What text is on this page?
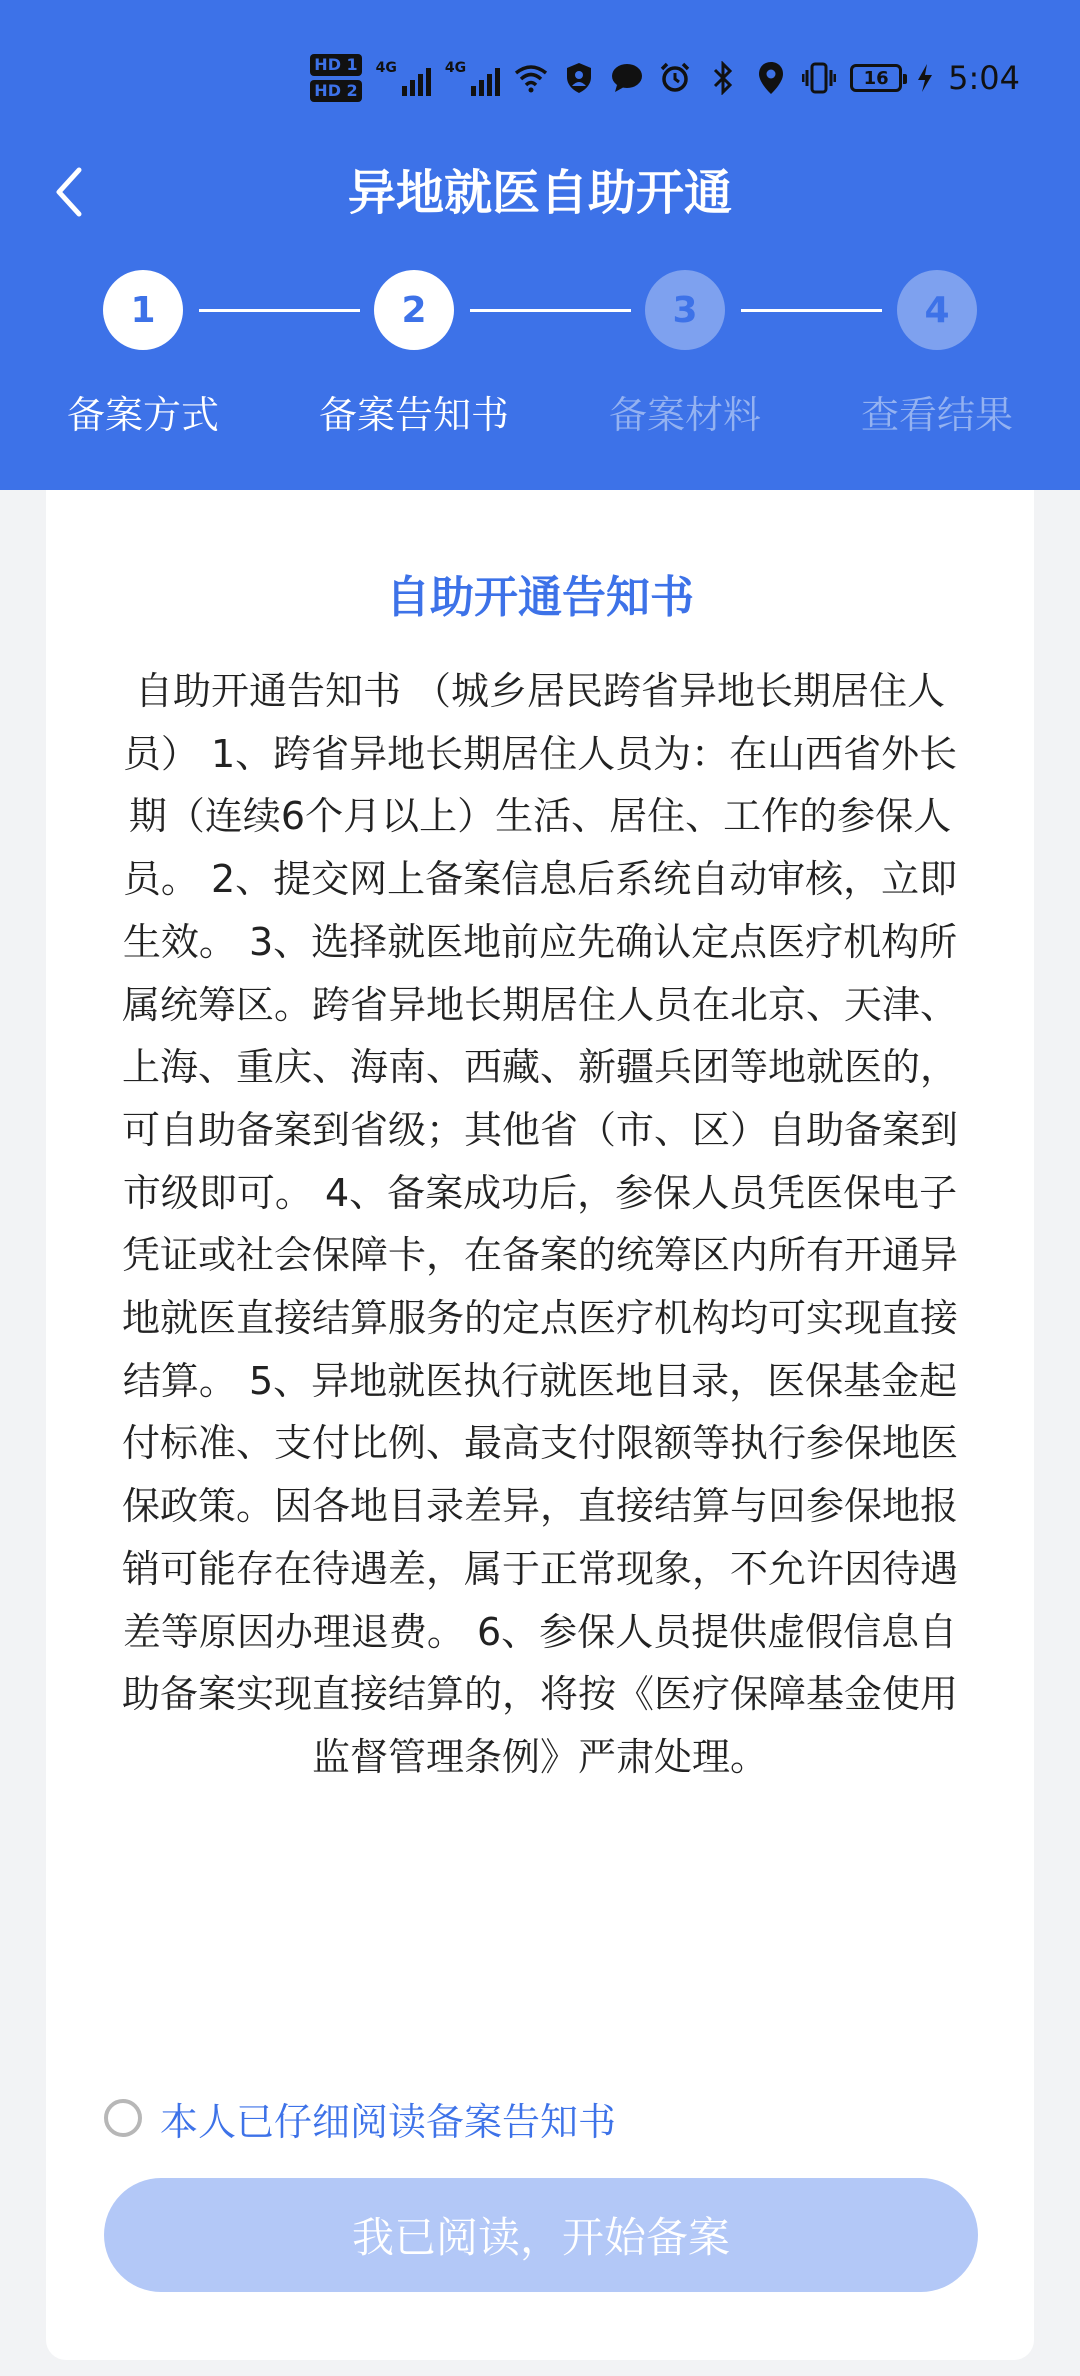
HD 1
HD 2
4G	4G	16 5:04
异地就医自助开通
1	2	3	4
备案方式	备案告知书	备案材料	查看结果
自助开通告知书
自助开通告知书 （城乡居民跨省异地长期居住人员） 1、跨省异地长期居住人员为：在山西省外长期（连续6个月以上）生活、居住、工作的参保人员。 2、提交网上备案信息后系统自动审核，立即生效。 3、选择就医地前应先确认定点医疗机构所属统筹区。跨省异地长期居住人员在北京、天津、上海、重庆、海南、西藏、新疆兵团等地就医的，可自助备案到省级；其他省（市、区）自助备案到市级即可。 4、备案成功后，参保人员凭医保电子凭证或社会保障卡，在备案的统筹区内所有开通异地就医直接结算服务的定点医疗机构均可实现直接结算。 5、异地就医执行就医地目录，医保基金起付标准、支付比例、最高支付限额等执行参保地医保政策。因各地目录差异，直接结算与回参保地报销可能存在待遇差，属于正常现象，不允许因待遇差等原因办理退费。 6、参保人员提供虚假信息自助备案实现直接结算的，将按《医疗保障基金使用监督管理条例》严肃处理。
本人已仔细阅读备案告知书
我已阅读，开始备案
